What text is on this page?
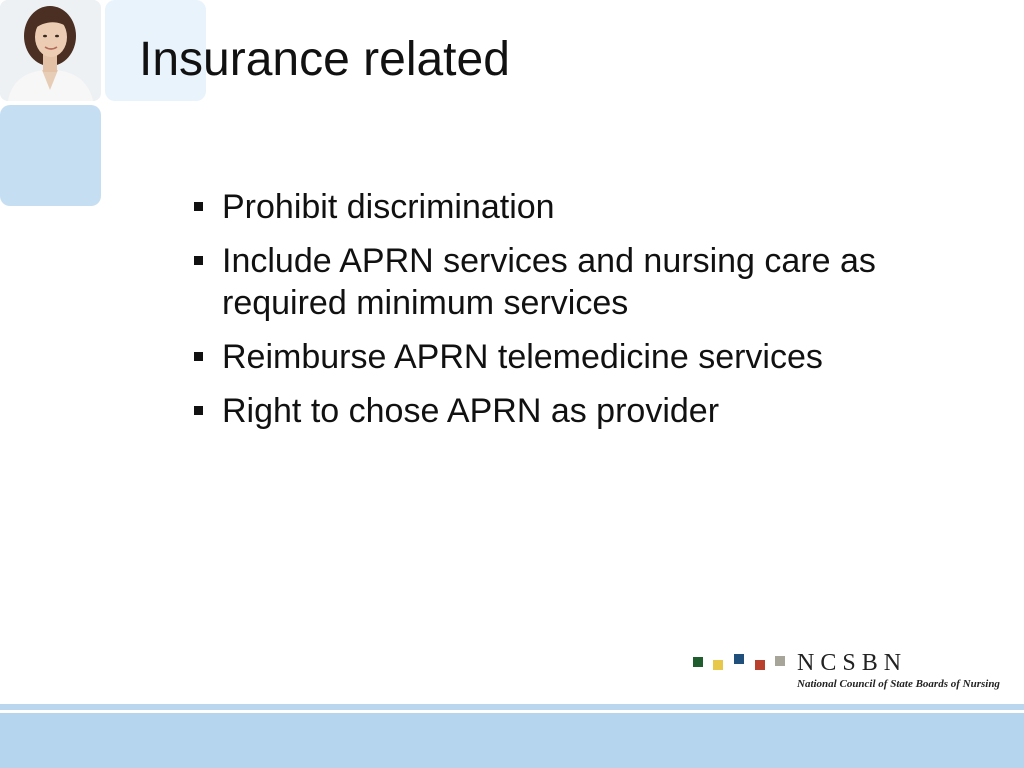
Insurance related
Prohibit discrimination
Include APRN services and nursing care as required minimum services
Reimburse APRN telemedicine services
Right to chose APRN as provider

NCSBN

National Council of State Boards of Nursing
